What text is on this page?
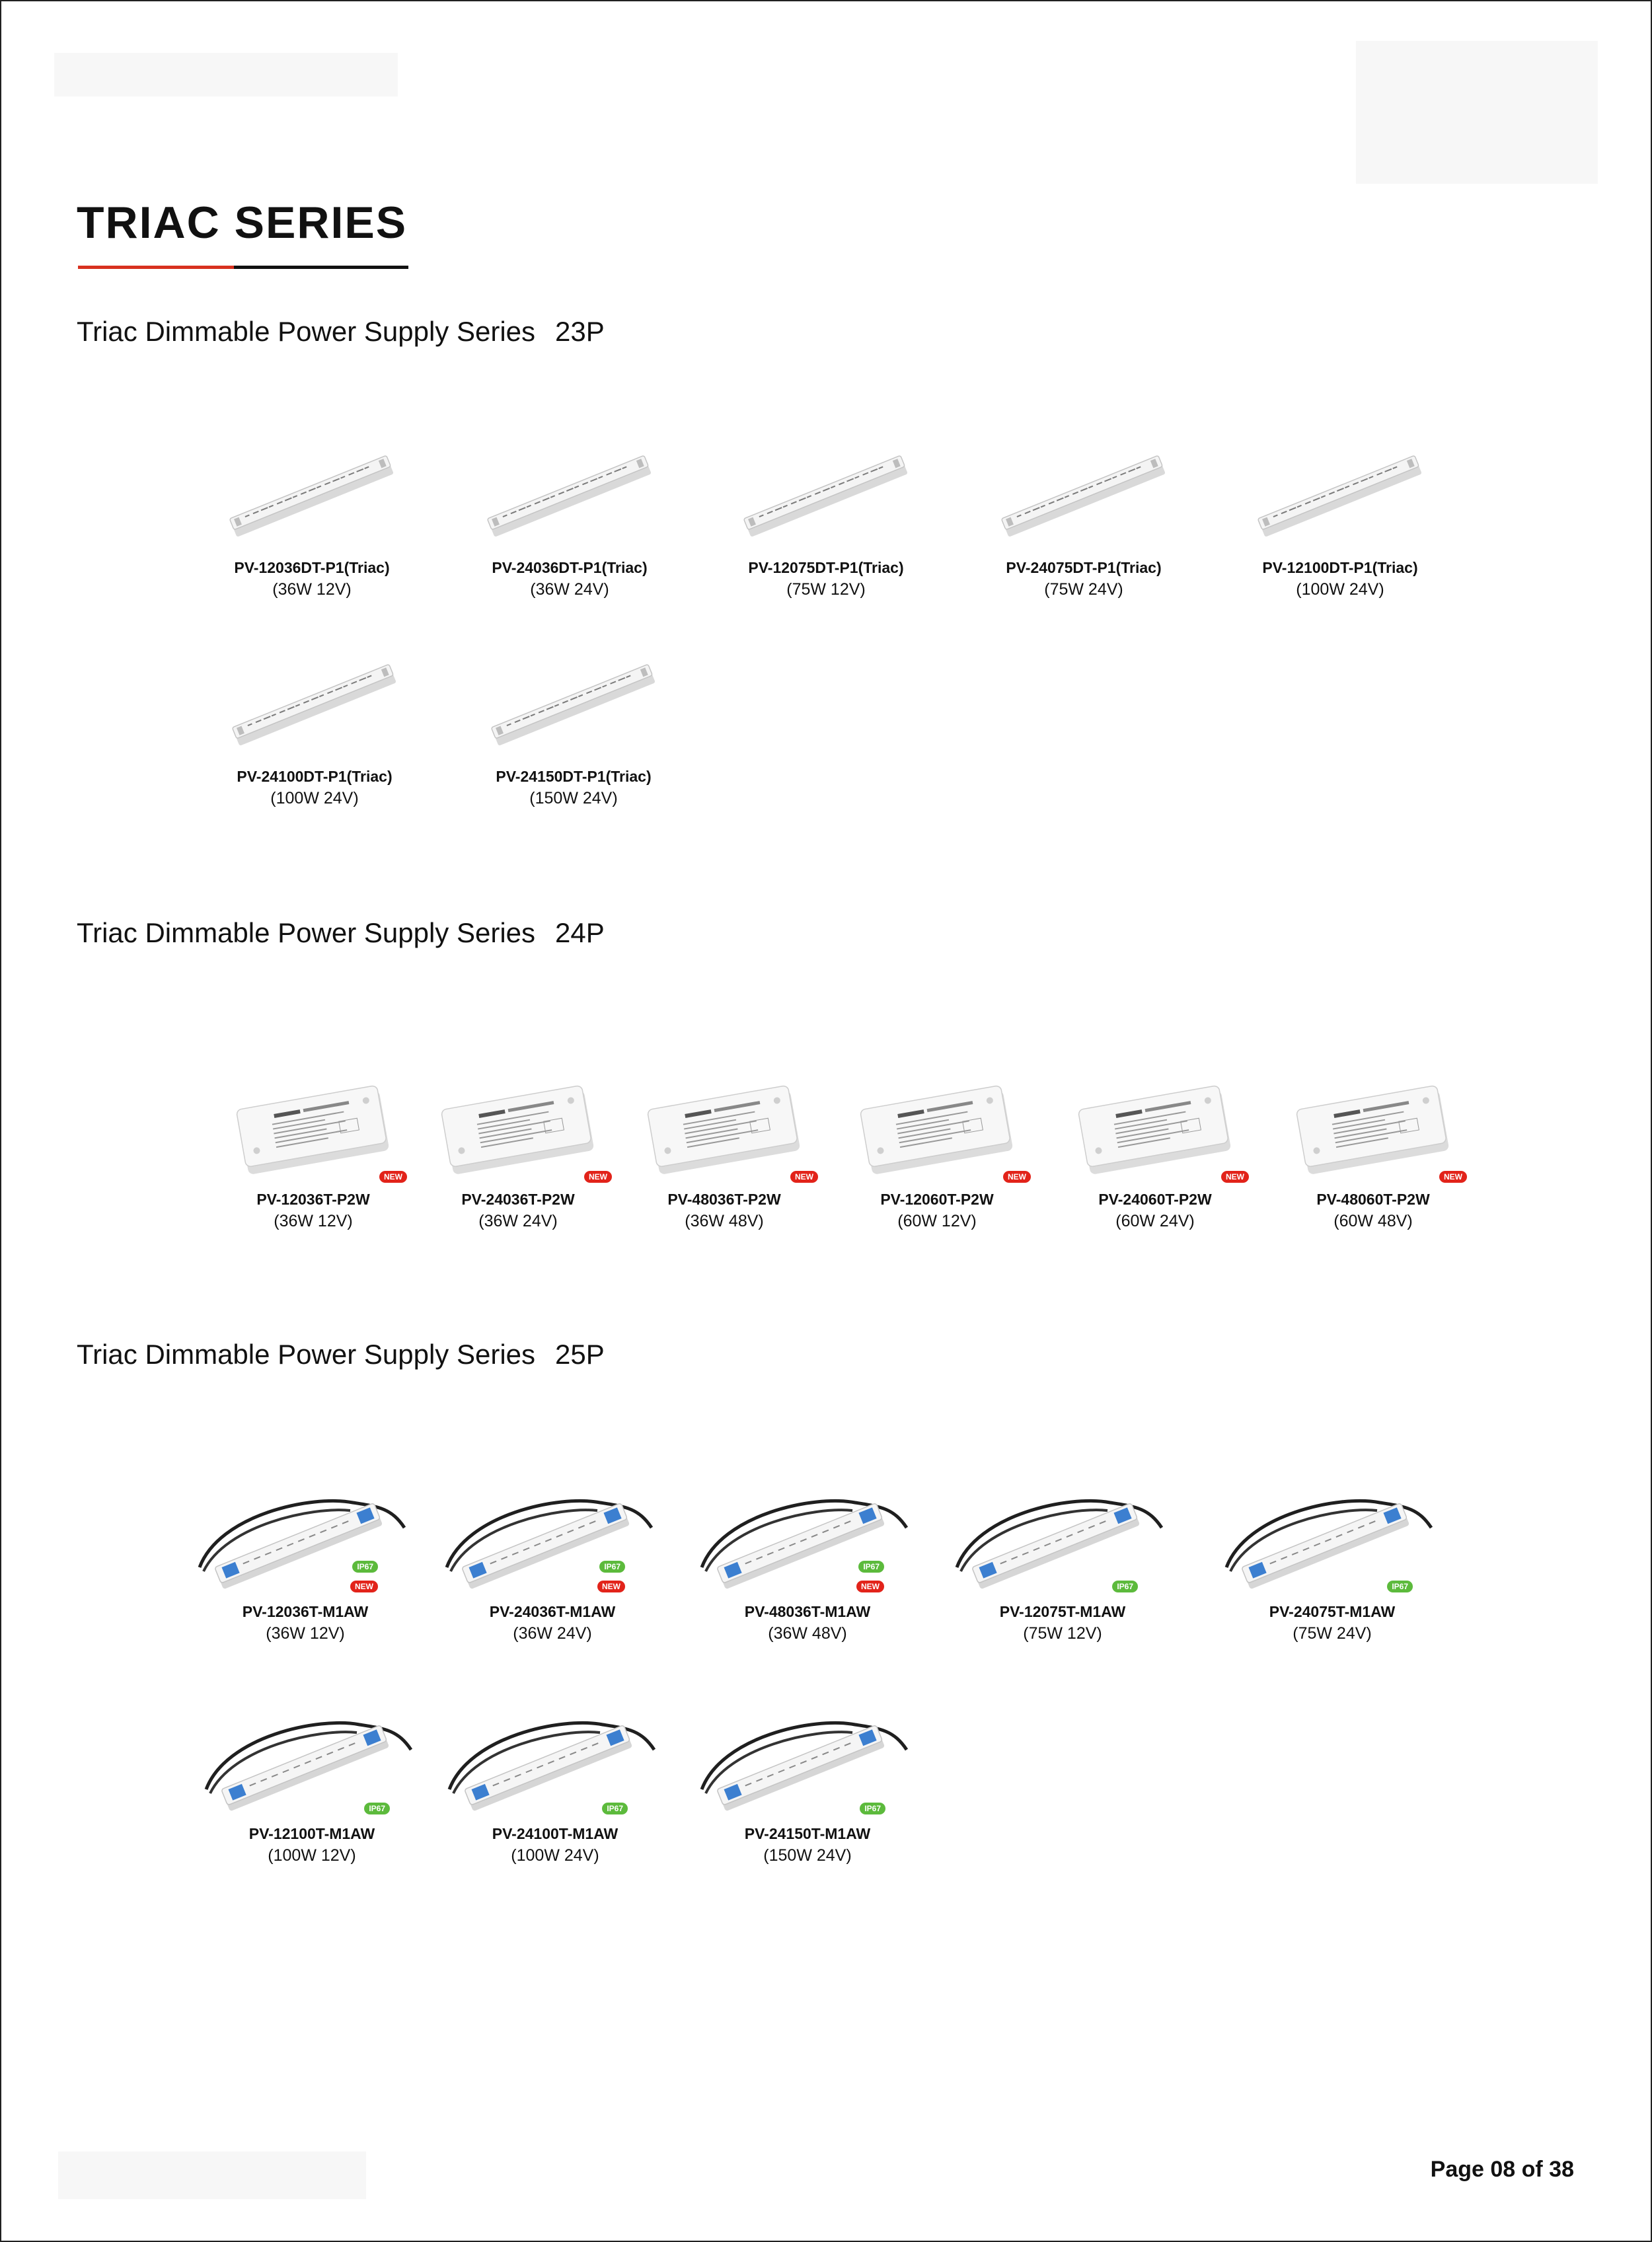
TRIAC SERIES
Triac Dimmable Power Supply Series 23P
PV-12036DT-P1(Triac)
(36W 12V)
PV-24036DT-P1(Triac)
(36W 24V)
PV-12075DT-P1(Triac)
(75W 12V)
PV-24075DT-P1(Triac)
(75W 24V)
PV-12100DT-P1(Triac)
(100W 24V)
PV-24100DT-P1(Triac)
(100W 24V)
PV-24150DT-P1(Triac)
(150W 24V)
Triac Dimmable Power Supply Series 24P
NEW
PV-12036T-P2W
(36W 12V)
NEW
PV-24036T-P2W
(36W 24V)
NEW
PV-48036T-P2W
(36W 48V)
NEW
PV-12060T-P2W
(60W 12V)
NEW
PV-24060T-P2W
(60W 24V)
NEW
PV-48060T-P2W
(60W 48V)
Triac Dimmable Power Supply Series 25P
IP67
NEW
PV-12036T-M1AW
(36W 12V)
IP67
NEW
PV-24036T-M1AW
(36W 24V)
IP67
NEW
PV-48036T-M1AW
(36W 48V)
IP67
PV-12075T-M1AW
(75W 12V)
IP67
PV-24075T-M1AW
(75W 24V)
IP67
PV-12100T-M1AW
(100W 12V)
IP67
PV-24100T-M1AW
(100W 24V)
IP67
PV-24150T-M1AW
(150W 24V)
Page 08 of 38
